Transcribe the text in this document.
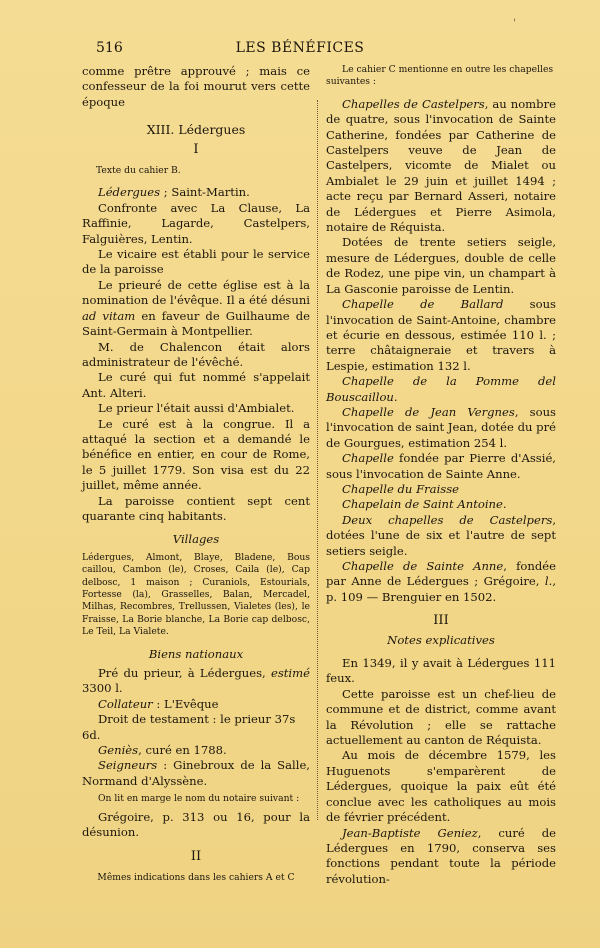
'
516	LES BÉNÉFICES

comme prêtre approuvé ; mais ce confesseur de la foi mourut vers cette époque

XIII. Lédergues

I

Texte du cahier B.

Lédergues ; Saint-Martin.

Confronte avec La Clause, La Raffinie, Lagarde, Castelpers, Falguières, Lentin.

Le vicaire est établi pour le service de la paroisse

Le prieuré de cette église est à la nomination de l'évêque. Il a été désuni ad vitam en faveur de Guilhaume de Saint-Germain à Montpellier.

M. de Chalencon était alors administrateur de l'évêché.

Le curé qui fut nommé s'appelait Ant. Alteri.

Le prieur l'était aussi d'Ambialet.

Le curé est à la congrue. Il a attaqué la section et a demandé le bénéfice en entier, en cour de Rome, le 5 juillet 1779. Son visa est du 22 juillet, même année.

La paroisse contient sept cent quarante cinq habitants.

Villages

Lédergues, Almont, Blaye, Bladene, Bous caillou, Cambon (le), Croses, Caila (le), Cap delbosc, 1 maison ; Curaniols, Estourials, Fortesse (la), Grasselles, Balan, Mercadel, Milhas, Recombres, Trellussen, Vialetes (les), le Fraisse, La Borie blanche, La Borie cap delbosc, Le Teil, La Vialete.

Biens nationaux

Pré du prieur, à Lédergues, estimé 3300 l.

Collateur : L'Evêque

Droit de testament : le prieur 37s 6d.

Geniès, curé en 1788.

Seigneurs : Ginebroux de la Salle, Normand d'Alyssène.

On lit en marge le nom du notaire suivant :

Grégoire, p. 313 ou 16, pour la désunion.

II

Mêmes indications dans les cahiers A et C

Le cahier C mentionne en outre les chapelles suivantes :

Chapelles de Castelpers, au nombre de quatre, sous l'invocation de Sainte Catherine, fondées par Catherine de Castelpers veuve de Jean de Castelpers, vicomte de Mialet ou Ambialet le 29 juin et juillet 1494 ; acte reçu par Bernard Asseri, notaire de Lédergues et Pierre Asimola, notaire de Réquista.

Dotées de trente setiers seigle, mesure de Lédergues, double de celle de Rodez, une pipe vin, un champart à La Gasconie paroisse de Lentin.

Chapelle de Ballard sous l'invocation de Saint-Antoine, chambre et écurie en dessous, estimée 110 l. ; terre châtaigneraie et travers à Lespie, estimation 132 l.

Chapelle de la Pomme del Bouscaillou.

Chapelle de Jean Vergnes, sous l'invocation de saint Jean, dotée du pré de Gourgues, estimation 254 l.

Chapelle fondée par Pierre d'Assié, sous l'invocation de Sainte Anne.

Chapelle du Fraisse

Chapelain de Saint Antoine.

Deux chapelles de Castelpers, dotées l'une de six et l'autre de sept setiers seigle.

Chapelle de Sainte Anne, fondée par Anne de Lédergues ; Grégoire, l., p. 109 — Brenguier en 1502.

III

Notes explicatives

En 1349, il y avait à Lédergues 111 feux.

Cette paroisse est un chef-lieu de commune et de district, comme avant la Révolution ; elle se rattache actuellement au canton de Réquista.

Au mois de décembre 1579, les Huguenots s'emparèrent de Lédergues, quoique la paix eût été conclue avec les catholiques au mois de février précédent.

Jean-Baptiste Geniez, curé de Lédergues en 1790, conserva ses fonctions pendant toute la période révolution-
